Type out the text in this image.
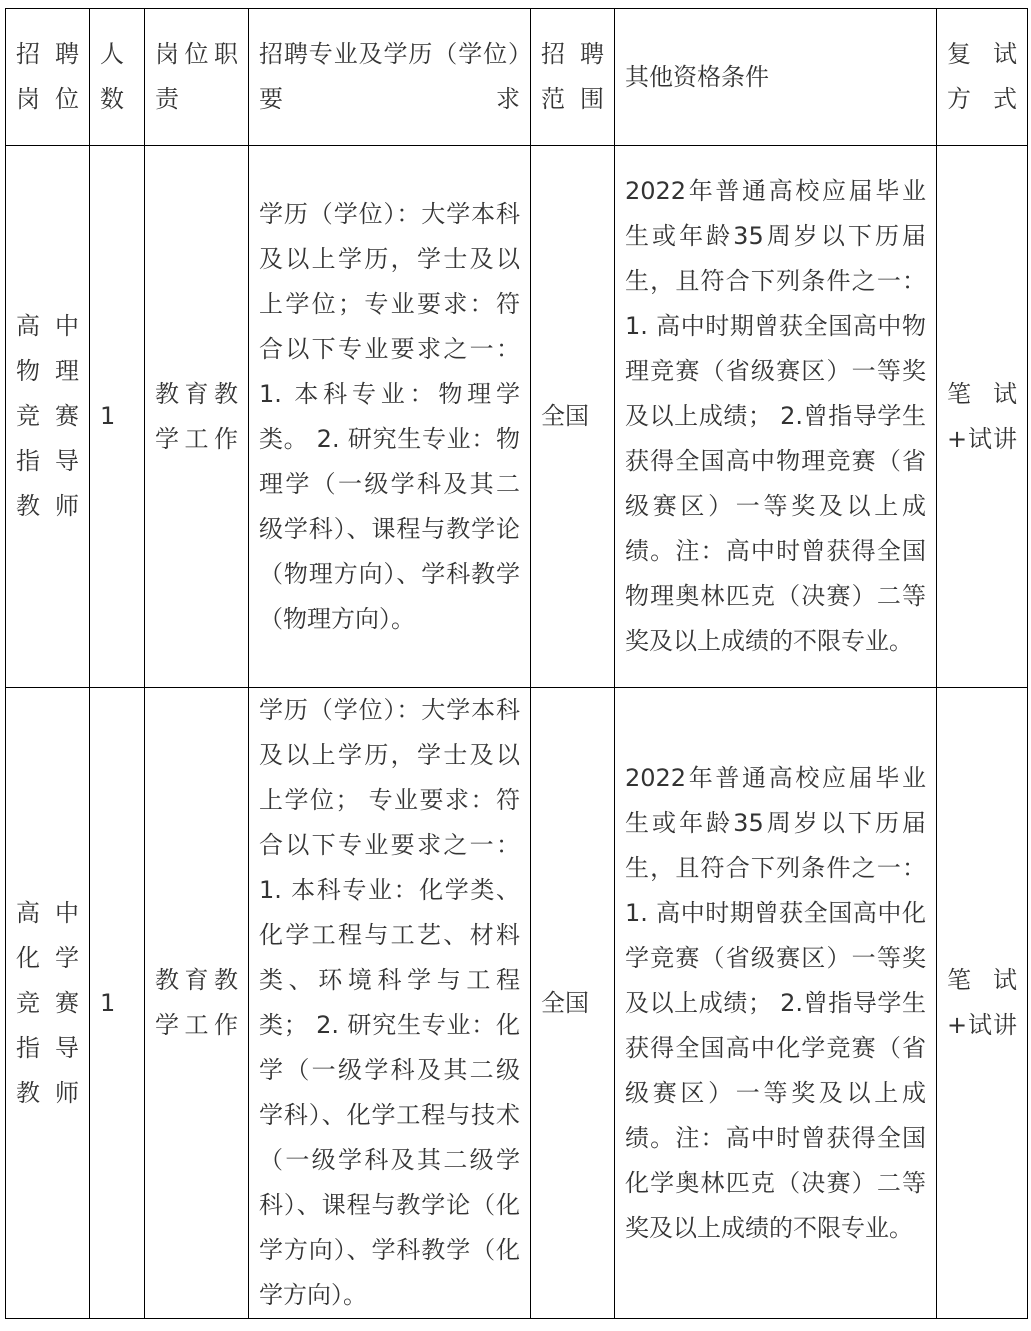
招聘岗位	人数	岗位职责	招聘专业及学历（学位）要求	招聘范围	其他资格条件	复试方式
高中物理竞赛指导教师	1	教育教学工作	学历（学位）：大学本科及以上学历，学士及以上学位；专业要求：符合以下专业要求之一：1. 本科专业：物理学类。 2. 研究生专业：物理学（一级学科及其二级学科）、课程与教学论（物理方向）、学科教学（物理方向）。	全国	2022年普通高校应届毕业生或年龄35周岁以下历届生，且符合下列条件之一： 1. 高中时期曾获全国高中物理竞赛（省级赛区）一等奖及以上成绩； 2.曾指导学生获得全国高中物理竞赛（省级赛区）一等奖及以上成绩。注：高中时曾获得全国物理奥林匹克（决赛）二等奖及以上成绩的不限专业。	笔试+试讲
高中化学竞赛指导教师	1	教育教学工作	学历（学位）：大学本科及以上学历，学士及以上学位； 专业要求：符合以下专业要求之一： 1. 本科专业：化学类、化学工程与工艺、材料类、环境科学与工程类； 2. 研究生专业：化学（一级学科及其二级学科）、化学工程与技术（一级学科及其二级学科）、课程与教学论（化学方向）、学科教学（化学方向）。	全国	2022年普通高校应届毕业生或年龄35周岁以下历届生，且符合下列条件之一： 1. 高中时期曾获全国高中化学竞赛（省级赛区）一等奖及以上成绩； 2.曾指导学生获得全国高中化学竞赛（省级赛区）一等奖及以上成绩。注：高中时曾获得全国化学奥林匹克（决赛）二等奖及以上成绩的不限专业。	笔试+试讲
